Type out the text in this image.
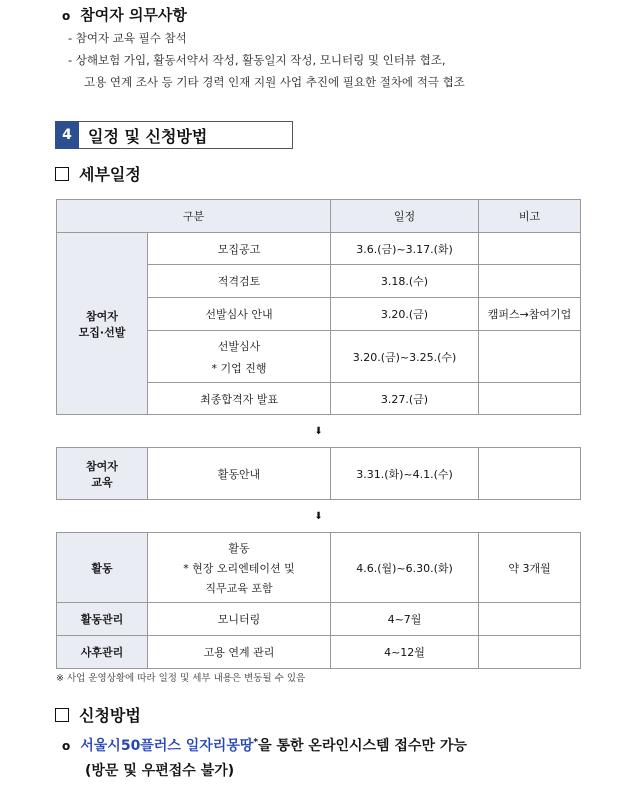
o 참여자 의무사항
- 참여자 교육 필수 참석
- 상해보험 가입, 활동서약서 작성, 활동일지 작성, 모니터링 및 인터뷰 협조,
고용 연계 조사 등 기타 경력 인재 지원 사업 추진에 필요한 절차에 적극 협조
4	일정 및 신청방법
세부일정
구분		일정	비고
참여자
모집·선발	모집공고	3.6.(금)~3.17.(화)	
	적격검토	3.18.(수)	
	선발심사 안내	3.20.(금)	캠퍼스→참여기업

	선발심사
* 기업 진행	3.20.(금)~3.25.(수)	
	최종합격자 발표	3.27.(금)	
⬇			
참여자
교육	활동안내	3.31.(화)~4.1.(수)	
⬇			
활동	활동
* 현장 오리엔테이션 및
직무교육 포함	4.6.(월)~6.30.(화)	약 3개월
활동관리	모니터링	4~7월	
사후관리	고용 연계 관리	4~12월	
※ 사업 운영상황에 따라 일정 및 세부 내용은 변동될 수 있음
신청방법
o 서울시50플러스 일자리몽땅*을 통한 온라인시스템 접수만 가능
(방문 및 우편접수 불가)
